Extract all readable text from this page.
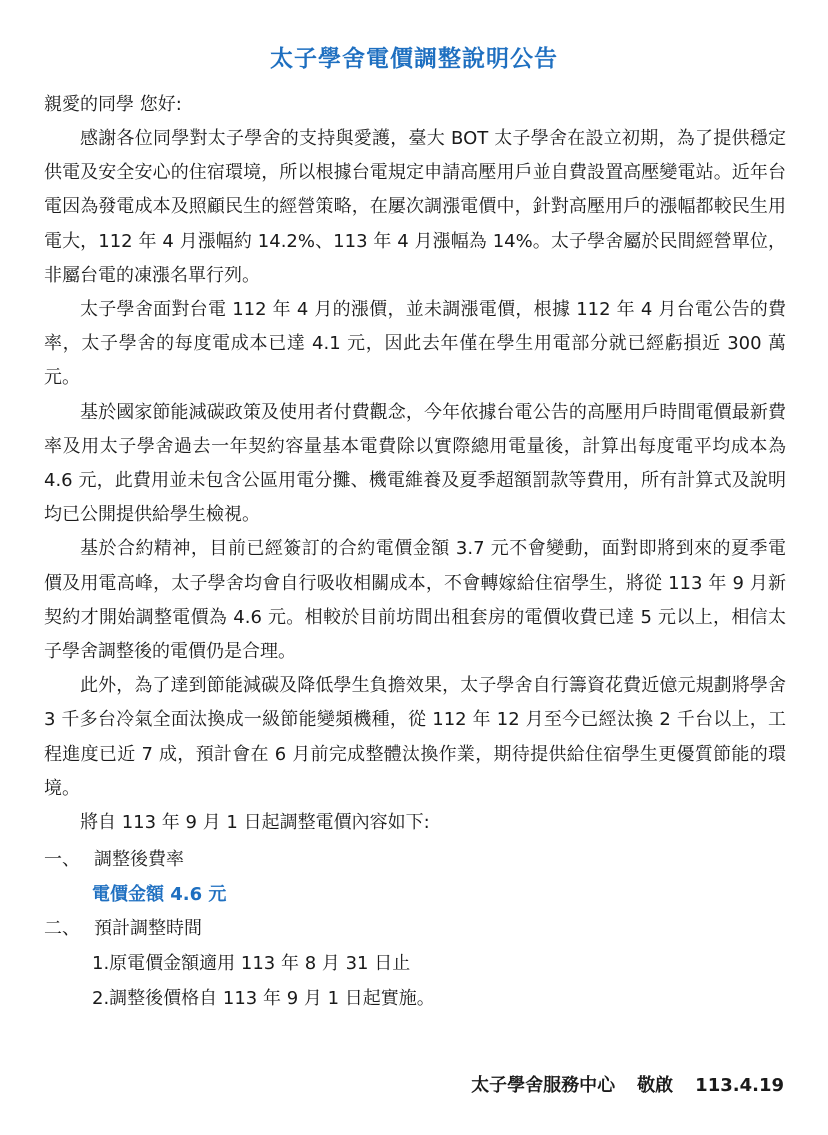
太子學舍電價調整說明公告
親愛的同學 您好:

感謝各位同學對太子學舍的支持與愛護，臺大 BOT 太子學舍在設立初期，為了提供穩定供電及安全安心的住宿環境，所以根據台電規定申請高壓用戶並自費設置高壓變電站。近年台電因為發電成本及照顧民生的經營策略，在屢次調漲電價中，針對高壓用戶的漲幅都較民生用電大，112 年 4 月漲幅約 14.2%、113 年 4 月漲幅為 14%。太子學舍屬於民間經營單位，非屬台電的凍漲名單行列。

太子學舍面對台電 112 年 4 月的漲價，並未調漲電價，根據 112 年 4 月台電公告的費率，太子學舍的每度電成本已達 4.1 元，因此去年僅在學生用電部分就已經虧損近 300 萬元。

基於國家節能減碳政策及使用者付費觀念，今年依據台電公告的高壓用戶時間電價最新費率及用太子學舍過去一年契約容量基本電費除以實際總用電量後，計算出每度電平均成本為 4.6 元，此費用並未包含公區用電分攤、機電維養及夏季超額罰款等費用，所有計算式及說明均已公開提供給學生檢視。

基於合約精神，目前已經簽訂的合約電價金額 3.7 元不會變動，面對即將到來的夏季電價及用電高峰，太子學舍均會自行吸收相關成本，不會轉嫁給住宿學生，將從 113 年 9 月新契約才開始調整電價為 4.6 元。相較於目前坊間出租套房的電價收費已達 5 元以上，相信太子學舍調整後的電價仍是合理。

此外，為了達到節能減碳及降低學生負擔效果，太子學舍自行籌資花費近億元規劃將學舍 3 千多台冷氣全面汰換成一級節能變頻機種，從 112 年 12 月至今已經汰換 2 千台以上，工程進度已近 7 成，預計會在 6 月前完成整體汰換作業，期待提供給住宿學生更優質節能的環境。

將自 113 年 9 月 1 日起調整電價內容如下:

一、 調整後費率
電價金額 4.6 元
二、 預計調整時間
1.原電價金額適用 113 年 8 月 31 日止
2.調整後價格自 113 年 9 月 1 日起實施。
太子學舍服務中心 敬啟 113.4.19
